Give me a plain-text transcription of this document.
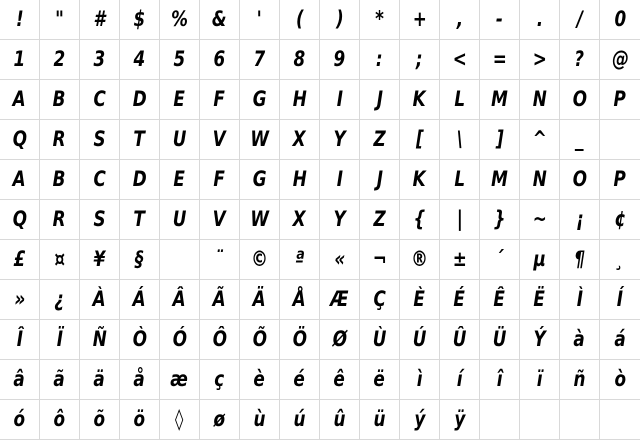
! " # $ % & ' ( ) * + , - . / 0
1 2 3 4 5 6 7 8 9 : ; < = > ? @
A B C D E F G H I J K L M N O P
Q R S T U V W X Y Z [ \ ] ^ _
A B C D E F G H I J K L M N O P
Q R S T U V W X Y Z { | } ~ ¡ ¢
£ ¤ ¥ §	¨ © ª « ¬ ® ± ´ µ ¶ ¸
» ¿ À Á Â Ã Ä Å Æ Ç È É Ê Ë Ì Í
Î Ï Ñ Ò Ó Ô Õ Ö Ø Ù Ú Û Ü Ý à á
â ã ä å æ ç è é ê ë ì í î ï ñ ò
ó ô õ ö ◊ ø ù ú û ü ý ÿ
